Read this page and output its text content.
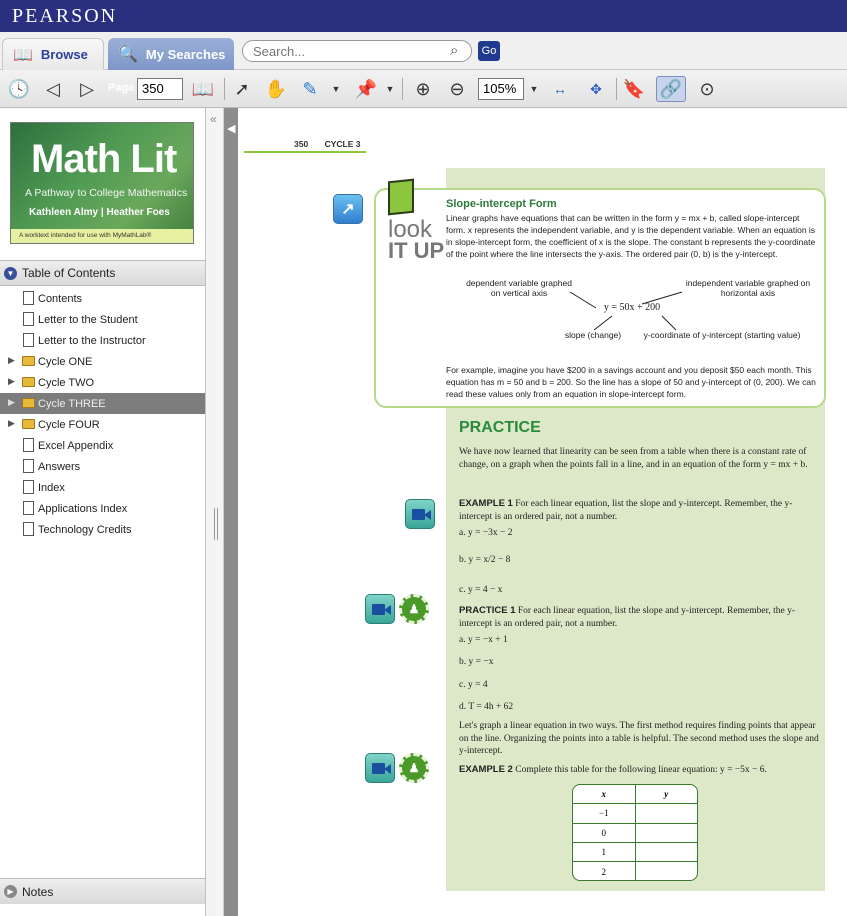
PEARSON
📖 Browse 🔍 My Searches
Search...	⌕	Go
🕓 ◁ ▷	Page 350	📖 ➚ ✋ ✎	▼ 📌 ▼	⊕	⊖	105%	▼	↔	✥	🔖 🔗 ⊙
Math Lit
A Pathway to College Mathematics
Kathleen Almy | Heather Foes
A worktext intended for use with MyMathLab®
▼ Table of Contents
Contents
Letter to the Student
Letter to the Instructor
▶ Cycle ONE
▶ Cycle TWO
▶ Cycle THREE
▶ Cycle FOUR
Excel Appendix
Answers
Index
Applications Index
Technology Credits
▶ Notes
«
◀
350 CYCLE 3
↗
look
IT UP
Slope-intercept Form
Linear graphs have equations that can be written in the form y = mx + b, called slope-intercept form. x represents the independent variable, and y is the dependent variable. When an equation is in slope-intercept form, the coefficient of x is the slope. The constant b represents the y-coordinate of the point where the line intersects the y-axis. The ordered pair (0, b) is the y-intercept.
dependent variable graphed on vertical axis
independent variable graphed on horizontal axis
y = 50x + 200
slope (change)	y-coordinate of y-intercept (starting value)
For example, imagine you have $200 in a savings account and you deposit $50 each month. This equation has m = 50 and b = 200. So the line has a slope of 50 and y-intercept of (0, 200). We can read these values only from an equation in slope-intercept form.
PRACTICE
We have now learned that linearity can be seen from a table when there is a constant rate of change, on a graph when the points fall in a line, and in an equation of the form y = mx + b.
EXAMPLE 1 For each linear equation, list the slope and y-intercept. Remember, the y-intercept is an ordered pair, not a number.
a. y = −3x − 2
b. y = x/2 − 8
c. y = 4 − x
♟	PRACTICE 1 For each linear equation, list the slope and y-intercept. Remember, the y-intercept is an ordered pair, not a number.
a. y = −x + 1
b. y = −x
c. y = 4
d. T = 4h + 62
Let's graph a linear equation in two ways. The first method requires finding points that appear on the line. Organizing the points into a table is helpful. The second method uses the slope and y-intercept.
♟	EXAMPLE 2 Complete this table for the following linear equation: y = −5x − 6.
x	y
−1
0
1
2
